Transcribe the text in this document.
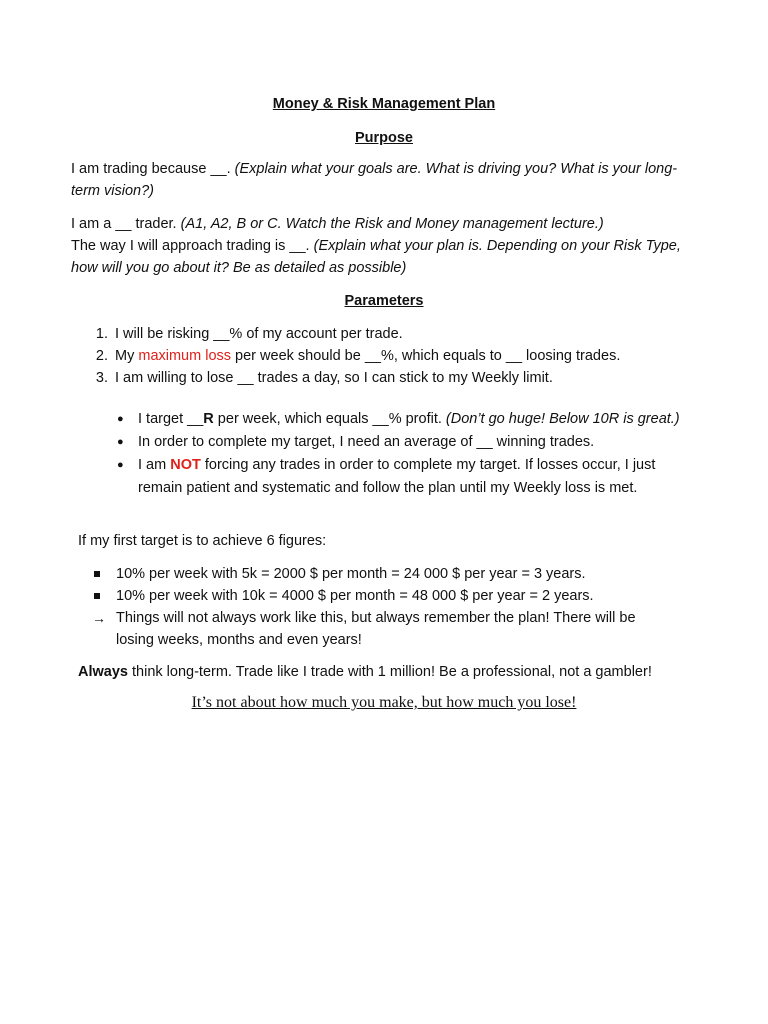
Money & Risk Management Plan
Purpose
I am trading because __. (Explain what your goals are. What is driving you? What is your long-
term vision?)
I am a __ trader. (A1, A2, B or C. Watch the Risk and Money management lecture.)
The way I will approach trading is __. (Explain what your plan is. Depending on your Risk Type,
how will you go about it? Be as detailed as possible)
Parameters
1. I will be risking __% of my account per trade.
2. My maximum loss per week should be __%, which equals to __ loosing trades.
3. I am willing to lose __ trades a day, so I can stick to my Weekly limit.
● I target __R per week, which equals __% profit. (Don’t go huge! Below 10R is great.)
● In order to complete my target, I need an average of __ winning trades.
● I am NOT forcing any trades in order to complete my target. If losses occur, I just
remain patient and systematic and follow the plan until my Weekly loss is met.
If my first target is to achieve 6 figures:
10% per week with 5k = 2000 $ per month = 24 000 $ per year = 3 years.
10% per week with 10k = 4000 $ per month = 48 000 $ per year = 2 years.
→ Things will not always work like this, but always remember the plan! There will be
losing weeks, months and even years!
Always think long-term. Trade like I trade with 1 million! Be a professional, not a gambler!
It’s not about how much you make, but how much you lose!
